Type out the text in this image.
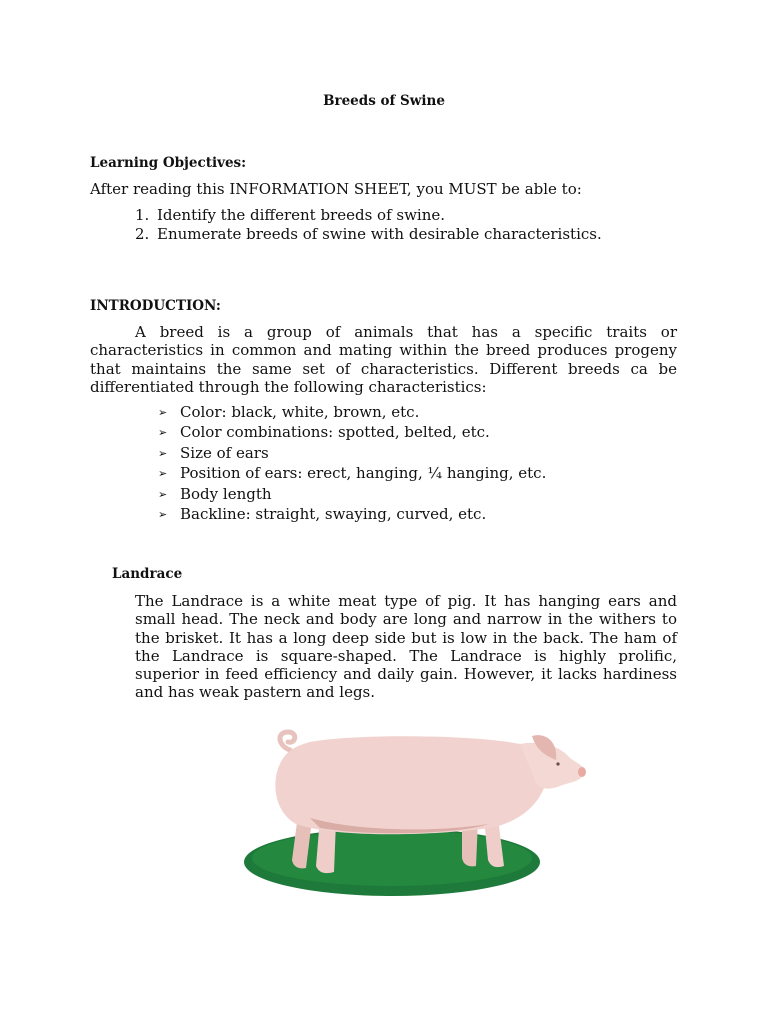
Breeds of Swine
Learning Objectives:
After reading this INFORMATION SHEET, you MUST be able to:
1. Identify the different breeds of swine.
2. Enumerate breeds of swine with desirable characteristics.
INTRODUCTION:

A breed is a group of animals that has a specific traits or characteristics in common and mating within the breed produces progeny that maintains the same set of characteristics. Different breeds ca be differentiated through the following characteristics:

➢ Color: black, white, brown, etc.
➢ Color combinations: spotted, belted, etc.
➢ Size of ears
➢ Position of ears: erect, hanging, ¼ hanging, etc.
➢ Body length
➢ Backline: straight, swaying, curved, etc.
Landrace

The Landrace is a white meat type of pig. It has hanging ears and small head. The neck and body are long and narrow in the withers to the brisket. It has a long deep side but is low in the back. The ham of the Landrace is square-shaped. The Landrace is highly prolific, superior in feed efficiency and daily gain. However, it lacks hardiness and has weak pastern and legs.
